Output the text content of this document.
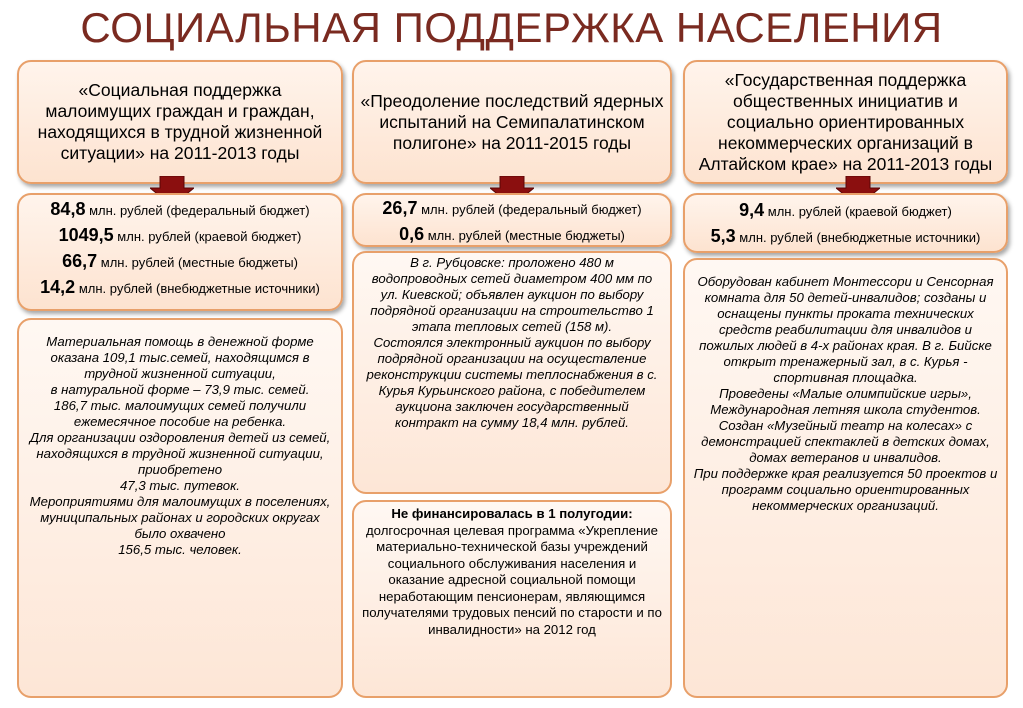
СОЦИАЛЬНАЯ ПОДДЕРЖКА НАСЕЛЕНИЯ
«Социальная поддержка малоимущих граждан и граждан, находящихся в трудной жизненной ситуации» на 2011-2013 годы
84,8 млн. рублей (федеральный бюджет)
1049,5 млн. рублей (краевой бюджет)
66,7 млн. рублей (местные бюджеты)
14,2 млн. рублей (внебюджетные источники)

Материальная помощь в денежной форме оказана 109,1 тыс.семей, находящимся в трудной жизненной ситуации,

в натуральной форме – 73,9 тыс. семей.

186,7 тыс. малоимущих семей получили ежемесячное пособие на ребенка.

Для организации оздоровления детей из семей, находящихся в трудной жизненной ситуации, приобретено

47,3 тыс. путевок.

Мероприятиями для малоимущих в поселениях, муниципальных районах и городских округах было охвачено

156,5 тыс. человек.

«Преодоление последствий ядерных испытаний на Семипалатинском полигоне» на 2011-2015 годы
26,7 млн. рублей (федеральный бюджет)
0,6 млн. рублей (местные бюджеты)

В г. Рубцовске: проложено 480 м водопроводных сетей диаметром 400 мм по ул. Киевской; объявлен аукцион по выбору подрядной организации на строительство 1 этапа тепловых сетей (158 м).

Состоялся электронный аукцион по выбору подрядной организации на осуществление реконструкции системы теплоснабжения в с. Курья Курьинского района, с победителем аукциона заключен государственный контракт на сумму 18,4 млн. рублей.

Не финансировалась в 1 полугодии:
долгосрочная целевая программа «Укрепление материально-технической базы учреждений социального обслуживания населения и оказание адресной социальной помощи неработающим пенсионерам, являющимся получателями трудовых пенсий по старости и по инвалидности» на 2012 год

«Государственная поддержка общественных инициатив и социально ориентированных некоммерческих организаций в Алтайском крае» на 2011-2013 годы
9,4 млн. рублей (краевой бюджет)
5,3 млн. рублей (внебюджетные источники)

Оборудован кабинет Монтессори и Сенсорная комната для 50 детей-инвалидов; созданы и оснащены пункты проката технических средств реабилитации для инвалидов и пожилых людей в 4-х районах края. В г. Бийске открыт тренажерный зал, в с. Курья - спортивная площадка.

Проведены «Малые олимпийские игры», Международная летняя школа студентов. Создан «Музейный театр на колесах» с демонстрацией спектаклей в детских домах, домах ветеранов и инвалидов.

При поддержке края реализуется 50 проектов и программ социально ориентированных некоммерческих организаций.
